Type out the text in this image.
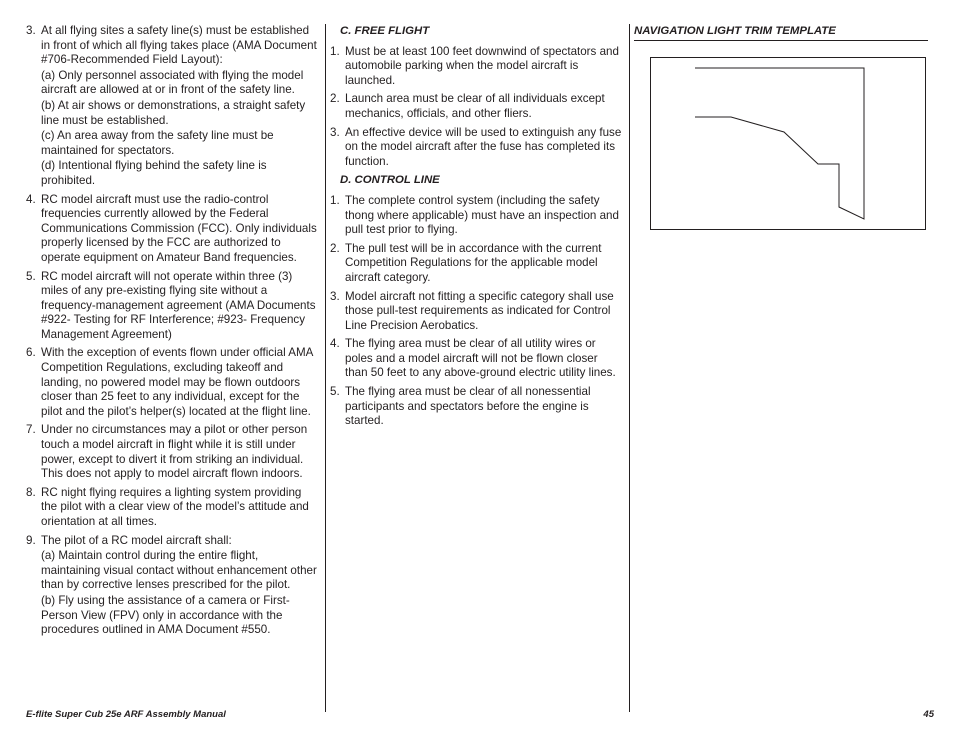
3. At all flying sites a safety line(s) must be established in front of which all flying takes place (AMA Document #706-Recommended Field Layout):
(a) Only personnel associated with flying the model aircraft are allowed at or in front of the safety line.
(b) At air shows or demonstrations, a straight safety line must be established.
(c) An area away from the safety line must be maintained for spectators.
(d) Intentional flying behind the safety line is prohibited.
4. RC model aircraft must use the radio-control frequencies currently allowed by the Federal Communications Commission (FCC). Only individuals properly licensed by the FCC are authorized to operate equipment on Amateur Band frequencies.
5. RC model aircraft will not operate within three (3) miles of any pre-existing flying site without a frequency-management agreement (AMA Documents #922- Testing for RF Interference; #923- Frequency Management Agreement)
6. With the exception of events flown under official AMA Competition Regulations, excluding takeoff and landing, no powered model may be flown outdoors closer than 25 feet to any individual, except for the pilot and the pilot’s helper(s) located at the flight line.
7. Under no circumstances may a pilot or other person touch a model aircraft in flight while it is still under power, except to divert it from striking an individual. This does not apply to model aircraft flown indoors.
8. RC night flying requires a lighting system providing the pilot with a clear view of the model’s attitude and orientation at all times.
9. The pilot of a RC model aircraft shall:
(a) Maintain control during the entire flight, maintaining visual contact without enhancement other than by corrective lenses prescribed for the pilot.
(b) Fly using the assistance of a camera or First-Person View (FPV) only in accordance with the procedures outlined in AMA Document #550.
C. FREE FLIGHT
1. Must be at least 100 feet downwind of spectators and automobile parking when the model aircraft is launched.
2. Launch area must be clear of all individuals except mechanics, officials, and other fliers.
3. An effective device will be used to extinguish any fuse on the model aircraft after the fuse has completed its function.
D. CONTROL LINE
1. The complete control system (including the safety thong where applicable) must have an inspection and pull test prior to flying.
2. The pull test will be in accordance with the current Competition Regulations for the applicable model aircraft category.
3. Model aircraft not fitting a specific category shall use those pull-test requirements as indicated for Control Line Precision Aerobatics.
4. The flying area must be clear of all utility wires or poles and a model aircraft will not be flown closer than 50 feet to any above-ground electric utility lines.
5. The flying area must be clear of all nonessential participants and spectators before the engine is started.
NAVIGATION LIGHT TRIM TEMPLATE
E-flite Super Cub 25e ARF Assembly Manual	45
